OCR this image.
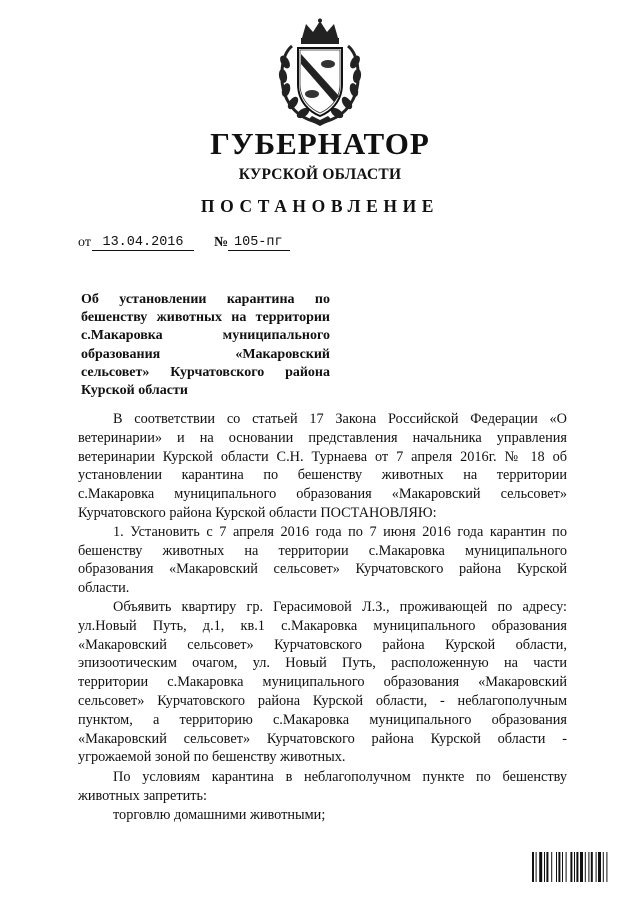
ГУБЕРНАТОР
КУРСКОЙ ОБЛАСТИ
ПОСТАНОВЛЕНИЕ
от 13.04.2016	№ 105-пг
Об установлении карантина по
бешенству животных на территории
с.Макаровка муниципального
образования «Макаровский
сельсовет» Курчатовского района
Курской области

В соответствии со статьей 17 Закона Российской Федерации «О
ветеринарии» и на основании представления начальника управления
ветеринарии Курской области С.Н. Турнаева от 7 апреля 2016г. № 18 об
установлении карантина по бешенству животных на территории
с.Макаровка муниципального образования «Макаровский сельсовет»
Курчатовского района Курской области ПОСТАНОВЛЯЮ:

1. Установить с 7 апреля 2016 года по 7 июня 2016 года карантин по
бешенству животных на территории с.Макаровка муниципального
образования «Макаровский сельсовет» Курчатовского района Курской
области.

Объявить квартиру гр. Герасимовой Л.З., проживающей по адресу:
ул.Новый Путь, д.1, кв.1 с.Макаровка муниципального образования
«Макаровский сельсовет» Курчатовского района Курской области,
эпизоотическим очагом, ул. Новый Путь, расположенную на части
территории с.Макаровка муниципального образования «Макаровский
сельсовет» Курчатовского района Курской области, - неблагополучным
пунктом, а территорию с.Макаровка муниципального образования
«Макаровский сельсовет» Курчатовского района Курской области -
угрожаемой зоной по бешенству животных.

По условиям карантина в неблагополучном пункте по бешенству
животных запретить:

торговлю домашними животными;
